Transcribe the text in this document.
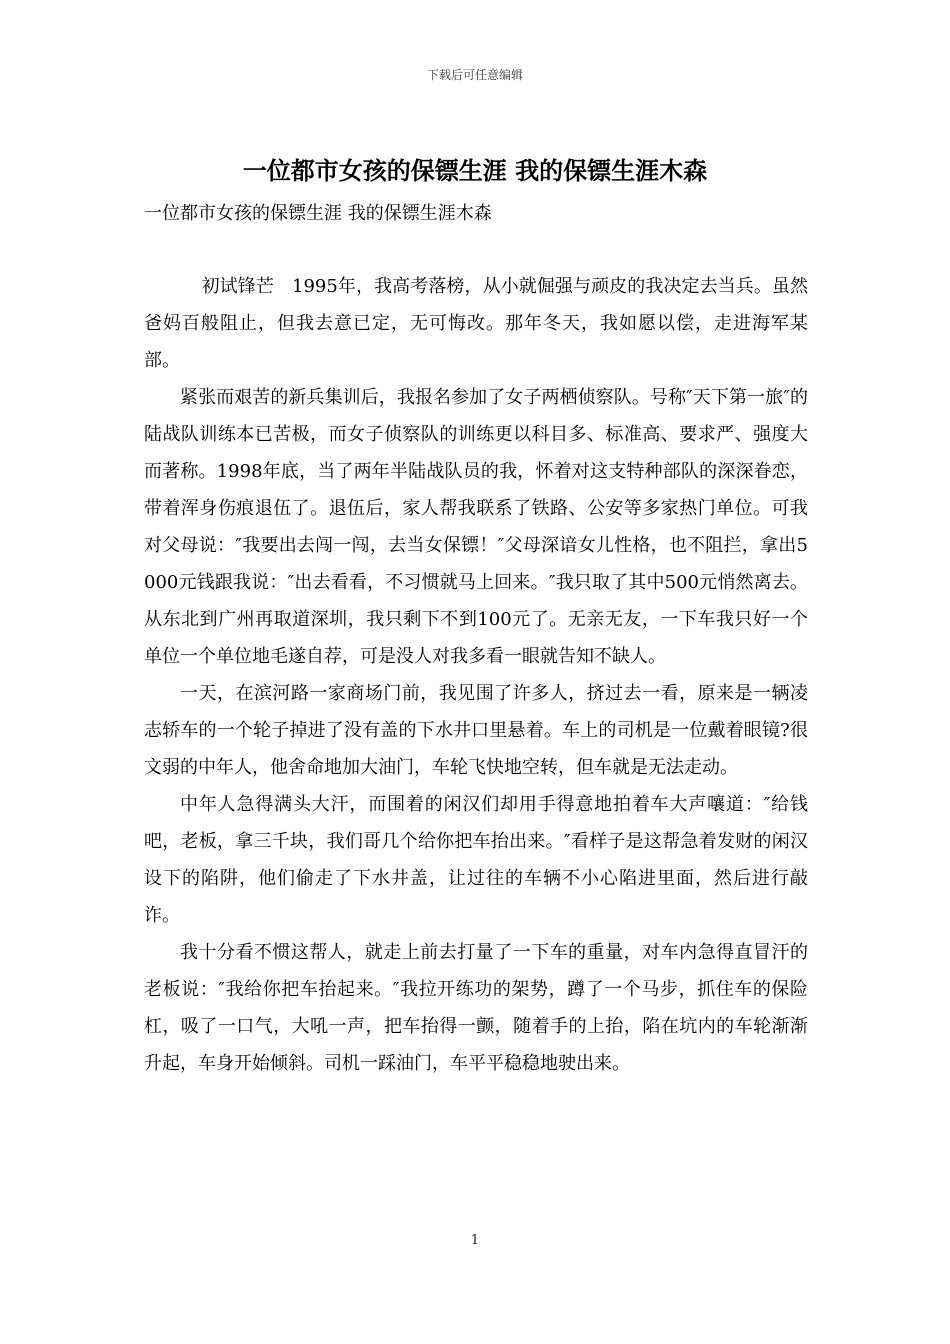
下载后可任意编辑
一位都市女孩的保镖生涯 我的保镖生涯木森

一位都市女孩的保镖生涯 我的保镖生涯木森

初试锋芒　1995年，我高考落榜，从小就倔强与顽皮的我决定去当兵。虽然爸妈百般阻止，但我去意已定，无可悔改。那年冬天，我如愿以偿，走进海军某部。

紧张而艰苦的新兵集训后，我报名参加了女子两栖侦察队。号称″天下第一旅″的陆战队训练本已苦极，而女子侦察队的训练更以科目多、标准高、要求严、强度大而著称。1998年底，当了两年半陆战队员的我，怀着对这支特种部队的深深眷恋，带着浑身伤痕退伍了。退伍后，家人帮我联系了铁路、公安等多家热门单位。可我对父母说：″我要出去闯一闯，去当女保镖！″父母深谙女儿性格，也不阻拦，拿出5000元钱跟我说：″出去看看，不习惯就马上回来。″我只取了其中500元悄然离去。从东北到广州再取道深圳，我只剩下不到100元了。无亲无友，一下车我只好一个单位一个单位地毛遂自荐，可是没人对我多看一眼就告知不缺人。

一天，在滨河路一家商场门前，我见围了许多人，挤过去一看，原来是一辆凌志轿车的一个轮子掉进了没有盖的下水井口里悬着。车上的司机是一位戴着眼镜?很文弱的中年人，他舍命地加大油门，车轮飞快地空转，但车就是无法走动。

中年人急得满头大汗，而围着的闲汉们却用手得意地拍着车大声嚷道：″给钱吧，老板，拿三千块，我们哥几个给你把车抬出来。″看样子是这帮急着发财的闲汉设下的陷阱，他们偷走了下水井盖，让过往的车辆不小心陷进里面，然后进行敲诈。

我十分看不惯这帮人，就走上前去打量了一下车的重量，对车内急得直冒汗的老板说：″我给你把车抬起来。″我拉开练功的架势，蹲了一个马步，抓住车的保险杠，吸了一口气，大吼一声，把车抬得一颤，随着手的上抬，陷在坑内的车轮渐渐升起，车身开始倾斜。司机一踩油门，车平平稳稳地驶出来。

1
